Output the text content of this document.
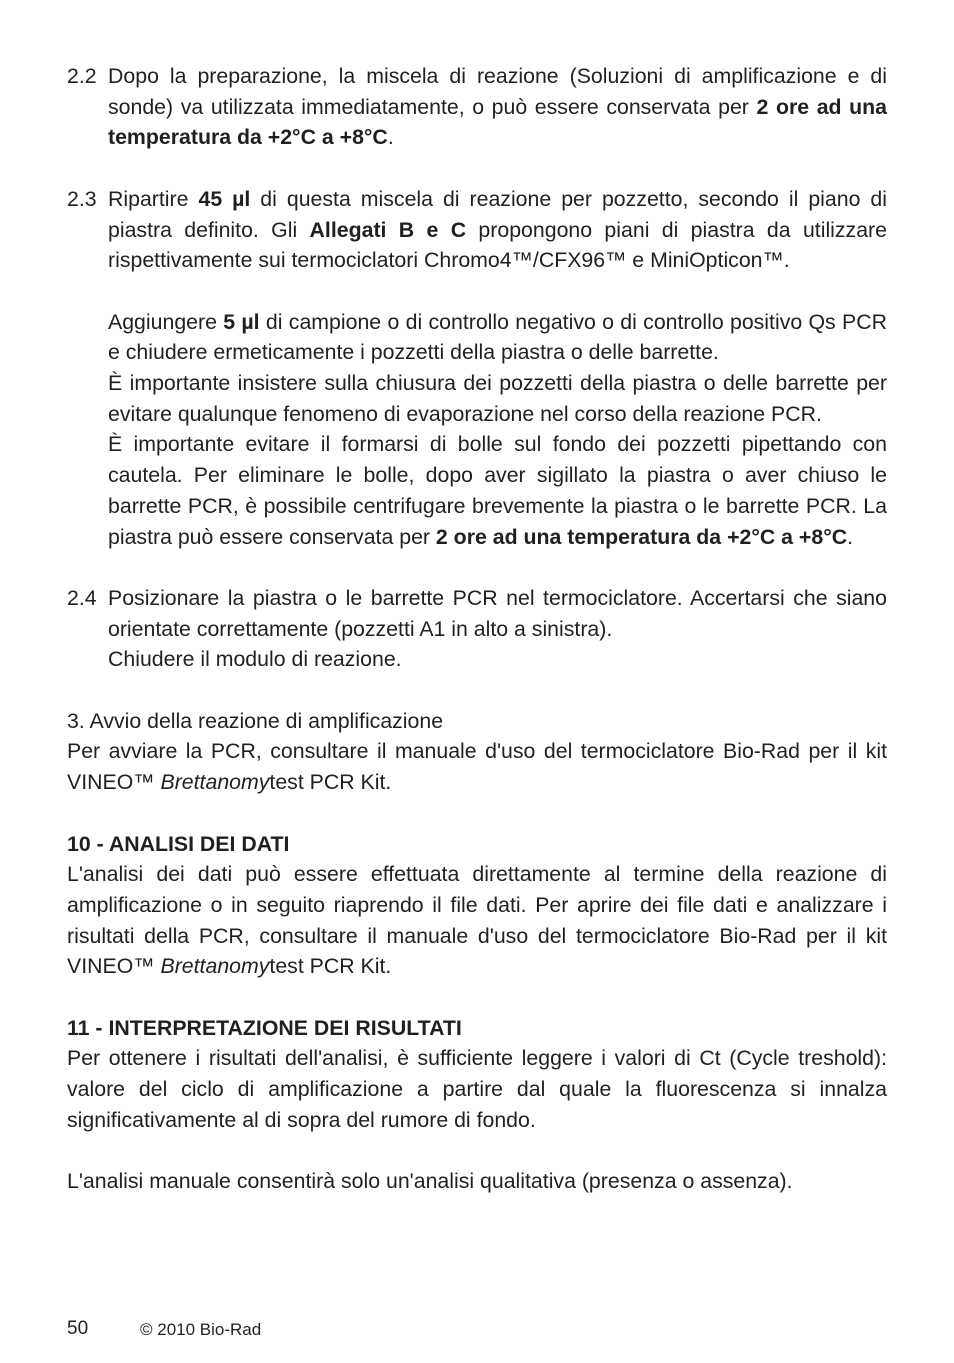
2.2 Dopo la preparazione, la miscela di reazione (Soluzioni di amplificazione e di sonde) va utilizzata immediatamente, o può essere conservata per 2 ore ad una temperatura da +2°C a +8°C.
2.3 Ripartire 45 µl di questa miscela di reazione per pozzetto, secondo il piano di piastra definito. Gli Allegati B e C propongono piani di piastra da utilizzare rispettivamente sui termociclatori Chromo4™/CFX96™ e MiniOpticon™.
Aggiungere 5 µl di campione o di controllo negativo o di controllo positivo Qs PCR e chiudere ermeticamente i pozzetti della piastra o delle barrette.
È importante insistere sulla chiusura dei pozzetti della piastra o delle barrette per evitare qualunque fenomeno di evaporazione nel corso della reazione PCR.
È importante evitare il formarsi di bolle sul fondo dei pozzetti pipettando con cautela. Per eliminare le bolle, dopo aver sigillato la piastra o aver chiuso le barrette PCR, è possibile centrifugare brevemente la piastra o le barrette PCR. La piastra può essere conservata per 2 ore ad una temperatura da +2°C a +8°C.
2.4 Posizionare la piastra o le barrette PCR nel termociclatore. Accertarsi che siano orientate correttamente (pozzetti A1 in alto a sinistra).
Chiudere il modulo di reazione.

3. Avvio della reazione di amplificazione

Per avviare la PCR, consultare il manuale d'uso del termociclatore Bio-Rad per il kit VINEO™ Brettanomytest PCR Kit.

10 - ANALISI DEI DATI

L'analisi dei dati può essere effettuata direttamente al termine della reazione di amplificazione o in seguito riaprendo il file dati. Per aprire dei file dati e analizzare i risultati della PCR, consultare il manuale d'uso del termociclatore Bio-Rad per il kit VINEO™ Brettanomytest PCR Kit.

11 - INTERPRETAZIONE DEI RISULTATI

Per ottenere i risultati dell'analisi, è sufficiente leggere i valori di Ct (Cycle treshold): valore del ciclo di amplificazione a partire dal quale la fluorescenza si innalza significativamente al di sopra del rumore di fondo.

L'analisi manuale consentirà solo un'analisi qualitativa (presenza o assenza).

50	© 2010 Bio-Rad
